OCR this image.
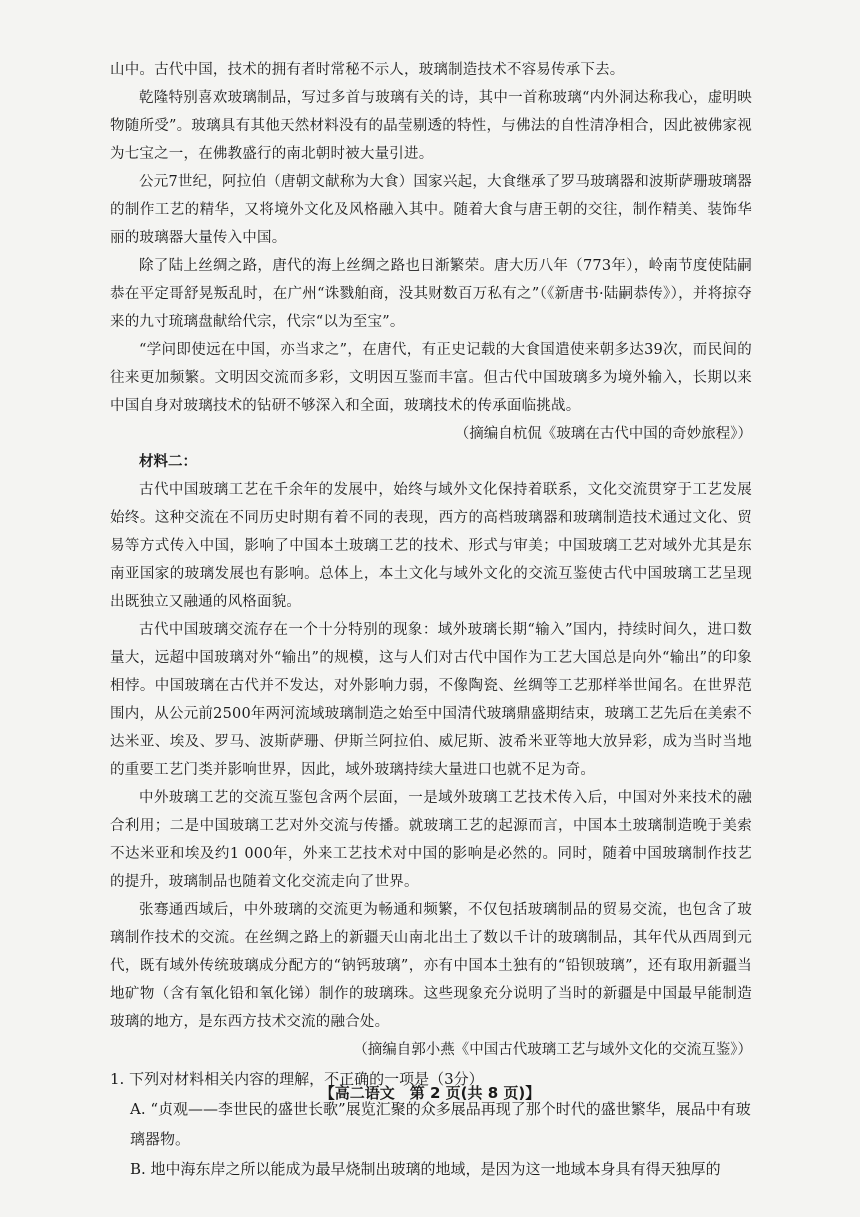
山中。古代中国，技术的拥有者时常秘不示人，玻璃制造技术不容易传承下去。

乾隆特别喜欢玻璃制品，写过多首与玻璃有关的诗，其中一首称玻璃“内外洞达称我心，虚明映物随所受”。玻璃具有其他天然材料没有的晶莹剔透的特性，与佛法的自性清净相合，因此被佛家视为七宝之一，在佛教盛行的南北朝时被大量引进。

公元7世纪，阿拉伯（唐朝文献称为大食）国家兴起，大食继承了罗马玻璃器和波斯萨珊玻璃器的制作工艺的精华，又将境外文化及风格融入其中。随着大食与唐王朝的交往，制作精美、装饰华丽的玻璃器大量传入中国。

除了陆上丝绸之路，唐代的海上丝绸之路也日渐繁荣。唐大历八年（773年），岭南节度使陆嗣恭在平定哥舒晃叛乱时，在广州“诛戮舶商，没其财数百万私有之”（《新唐书·陆嗣恭传》），并将掠夺来的九寸琉璃盘献给代宗，代宗“以为至宝”。

“学问即使远在中国，亦当求之”，在唐代，有正史记载的大食国遣使来朝多达39次，而民间的往来更加频繁。文明因交流而多彩，文明因互鉴而丰富。但古代中国玻璃多为境外输入，长期以来中国自身对玻璃技术的钻研不够深入和全面，玻璃技术的传承面临挑战。

（摘编自杭侃《玻璃在古代中国的奇妙旅程》）

材料二：

古代中国玻璃工艺在千余年的发展中，始终与域外文化保持着联系，文化交流贯穿于工艺发展始终。这种交流在不同历史时期有着不同的表现，西方的高档玻璃器和玻璃制造技术通过文化、贸易等方式传入中国，影响了中国本土玻璃工艺的技术、形式与审美；中国玻璃工艺对域外尤其是东南亚国家的玻璃发展也有影响。总体上，本土文化与域外文化的交流互鉴使古代中国玻璃工艺呈现出既独立又融通的风格面貌。

古代中国玻璃交流存在一个十分特别的现象：域外玻璃长期“输入”国内，持续时间久，进口数量大，远超中国玻璃对外“输出”的规模，这与人们对古代中国作为工艺大国总是向外“输出”的印象相悖。中国玻璃在古代并不发达，对外影响力弱，不像陶瓷、丝绸等工艺那样举世闻名。在世界范围内，从公元前2500年两河流域玻璃制造之始至中国清代玻璃鼎盛期结束，玻璃工艺先后在美索不达米亚、埃及、罗马、波斯萨珊、伊斯兰阿拉伯、威尼斯、波希米亚等地大放异彩，成为当时当地的重要工艺门类并影响世界，因此，域外玻璃持续大量进口也就不足为奇。

中外玻璃工艺的交流互鉴包含两个层面，一是域外玻璃工艺技术传入后，中国对外来技术的融合利用；二是中国玻璃工艺对外交流与传播。就玻璃工艺的起源而言，中国本土玻璃制造晚于美索不达米亚和埃及约1 000年，外来工艺技术对中国的影响是必然的。同时，随着中国玻璃制作技艺的提升，玻璃制品也随着文化交流走向了世界。

张骞通西域后，中外玻璃的交流更为畅通和频繁，不仅包括玻璃制品的贸易交流，也包含了玻璃制作技术的交流。在丝绸之路上的新疆天山南北出土了数以千计的玻璃制品，其年代从西周到元代，既有域外传统玻璃成分配方的“钠钙玻璃”，亦有中国本土独有的“铅钡玻璃”，还有取用新疆当地矿物（含有氧化铅和氧化锑）制作的玻璃珠。这些现象充分说明了当时的新疆是中国最早能制造玻璃的地方，是东西方技术交流的融合处。

（摘编自郭小燕《中国古代玻璃工艺与域外文化的交流互鉴》）

1. 下列对材料相关内容的理解，不正确的一项是（3分）

A. “贞观——李世民的盛世长歌”展览汇聚的众多展品再现了那个时代的盛世繁华，展品中有玻璃器物。

B. 地中海东岸之所以能成为最早烧制出玻璃的地域，是因为这一地域本身具有得天独厚的

【高二语文　第 2 页(共 8 页)】
